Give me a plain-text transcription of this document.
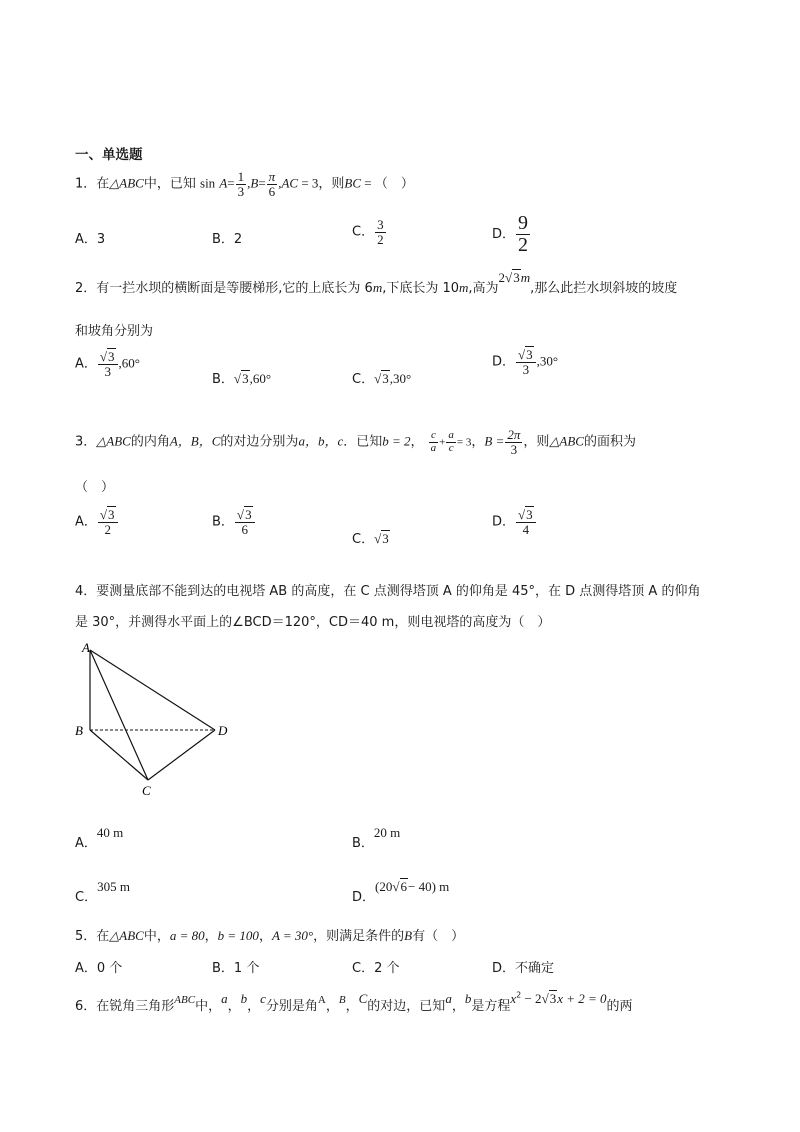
一、单选题
1．在△ABC中，已知 $\sin A= \frac{1}{3} ,B= \frac{\pi}{6} ,AC = 3$，则BC = （　）
A．3	B．2	C． $\frac{3}{2}$	D． $\frac{9}{2}$
2．有一拦水坝的横断面是等腰梯形,它的上底长为 6m,下底长为 10m,高为2√3m,那么此拦水坝斜坡的坡度
和坡角分别为
A． $\frac{√3}{3} ,60^\circ$
B．√3,60°	C．√3,30°
D． $\frac{√3}{3} ,30^\circ$
3．△ABC的内角A，B，C的对边分别为a，b，c．已知b = 2， $\frac{c}{a} + \frac{a}{c} = 3$，$B = \frac{2\pi}{3}$ ，则△ABC的面积为
（　）
A． $\frac{√3}{2}$	B． $\frac{√3}{6}$
C．√3
D． $\frac{√3}{4}$
4．要测量底部不能到达的电视塔 AB 的高度，在 C 点测得塔顶 A 的仰角是 45°，在 D 点测得塔顶 A 的仰角
是 30°，并测得水平面上的∠BCD＝120°，CD＝40 m，则电视塔的高度为（　）
A
B
C
D
A．40 m
B．20 m
C．305 m
D．(20√6− 40) m
5．在△ABC中，a = 80，b = 100，A = 30°，则满足条件的B有（　）
A．0 个	B．1 个	C．2 个	D．不确定
6．在锐角三角形$^{ABC}$中，a，b，c分别是角$^A$，$^B$，C的对边，已知a，b是方程$x^2 - 2√3x + 2 = 0$的两
